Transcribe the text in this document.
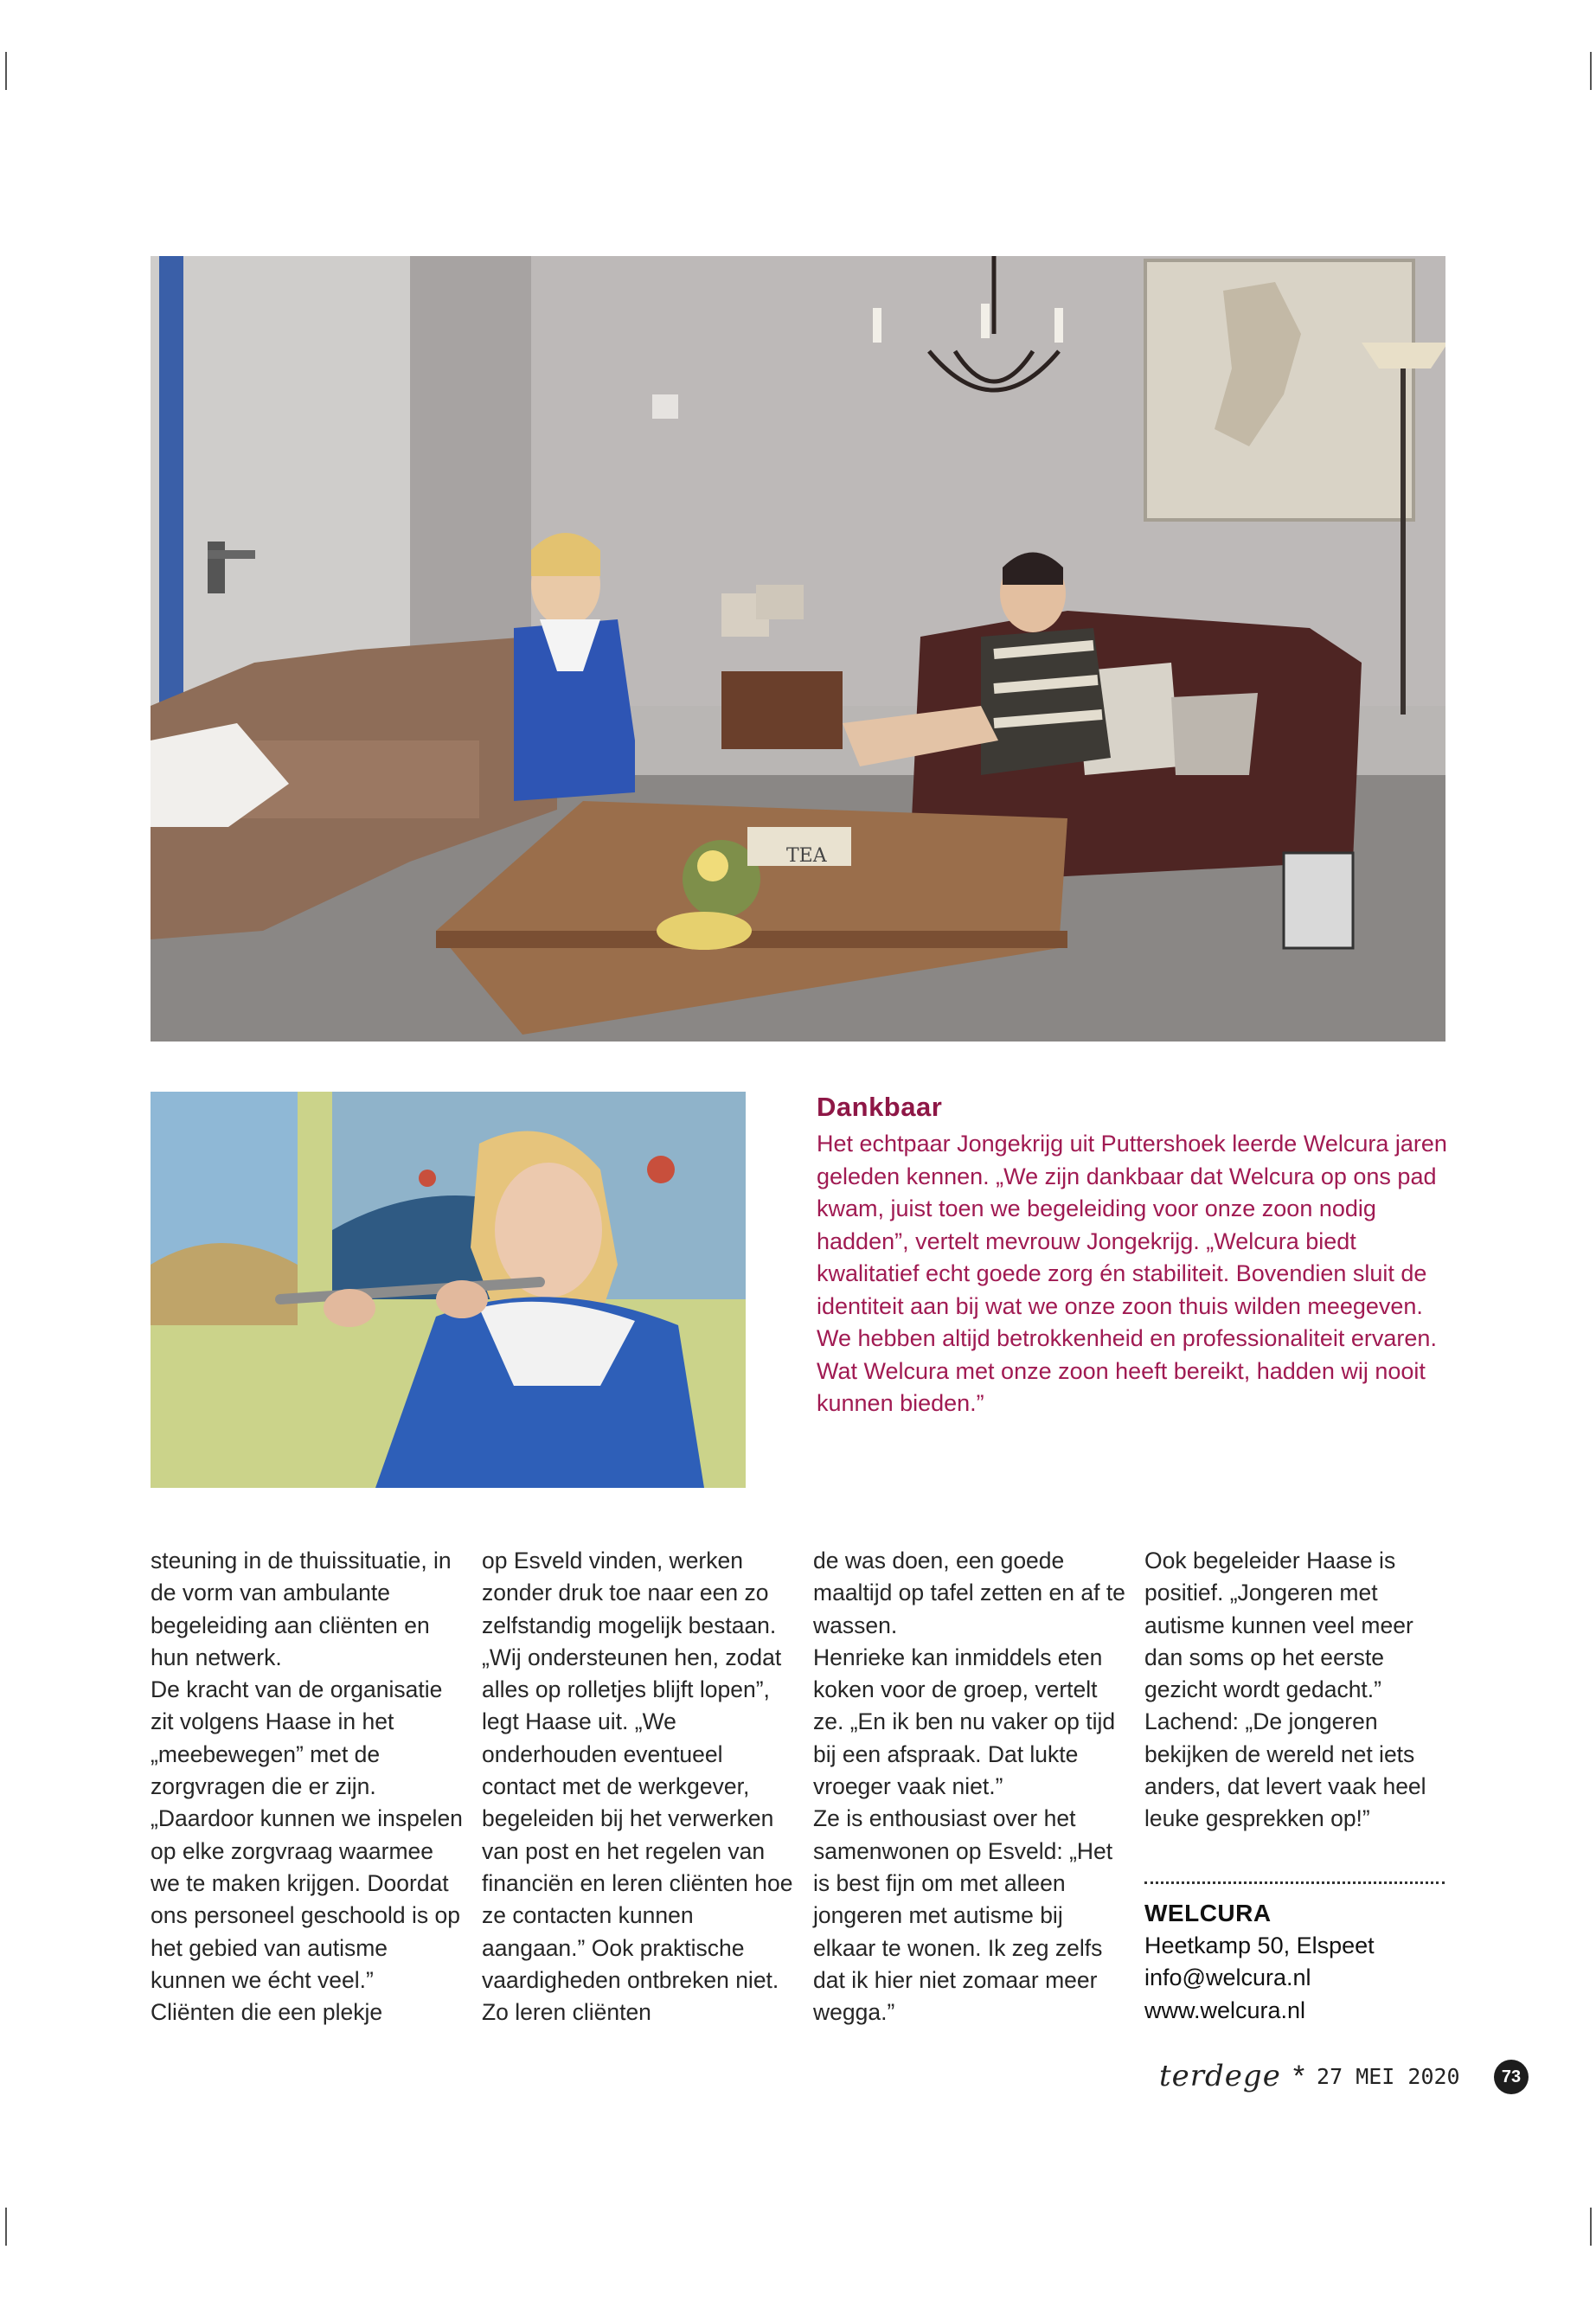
TEA
Dankbaar

Het echtpaar Jongekrijg uit Puttershoek leerde Welcura jaren geleden kennen. „We zijn dankbaar dat Welcura op ons pad kwam, juist toen we begeleiding voor onze zoon nodig hadden”, vertelt mevrouw Jongekrijg. „Welcura biedt kwalitatief echt goede zorg én stabiliteit. Bovendien sluit de identiteit aan bij wat we onze zoon thuis wilden meegeven. We hebben altijd betrokkenheid en professionaliteit ervaren. Wat Welcura met onze zoon heeft bereikt, hadden wij nooit kunnen bieden.”

steuning in de thuissituatie, in de vorm van ambulante begeleiding aan cliënten en hun netwerk.

De kracht van de organisatie zit volgens Haase in het „meebewegen” met de zorgvragen die er zijn. „Daardoor kunnen we inspelen op elke zorgvraag waarmee we te maken krijgen. Doordat ons personeel geschoold is op het gebied van autisme kunnen we écht veel.” Cliënten die een plekje

op Esveld vinden, werken zonder druk toe naar een zo zelfstandig mogelijk bestaan. „Wij ondersteunen hen, zodat alles op rolletjes blijft lopen”, legt Haase uit. „We onderhouden eventueel contact met de werkgever, begeleiden bij het verwerken van post en het regelen van financiën en leren cliënten hoe ze contacten kunnen aangaan.” Ook praktische vaardigheden ontbreken niet. Zo leren cliënten

de was doen, een goede maaltijd op tafel zetten en af te wassen.

Henrieke kan inmiddels eten koken voor de groep, vertelt ze. „En ik ben nu vaker op tijd bij een afspraak. Dat lukte vroeger vaak niet.”

Ze is enthousiast over het samenwonen op Esveld: „Het is best fijn om met alleen jongeren met autisme bij elkaar te wonen. Ik zeg zelfs dat ik hier niet zomaar meer wegga.”

Ook begeleider Haase is positief. „Jongeren met autisme kunnen veel meer dan soms op het eerste gezicht wordt gedacht.” Lachend: „De jongeren bekijken de wereld net iets anders, dat levert vaak heel leuke gesprekken op!”

WELCURA
Heetkamp 50, Elspeet
info@welcura.nl
www.welcura.nl
terdege * 27 MEI 2020	73
